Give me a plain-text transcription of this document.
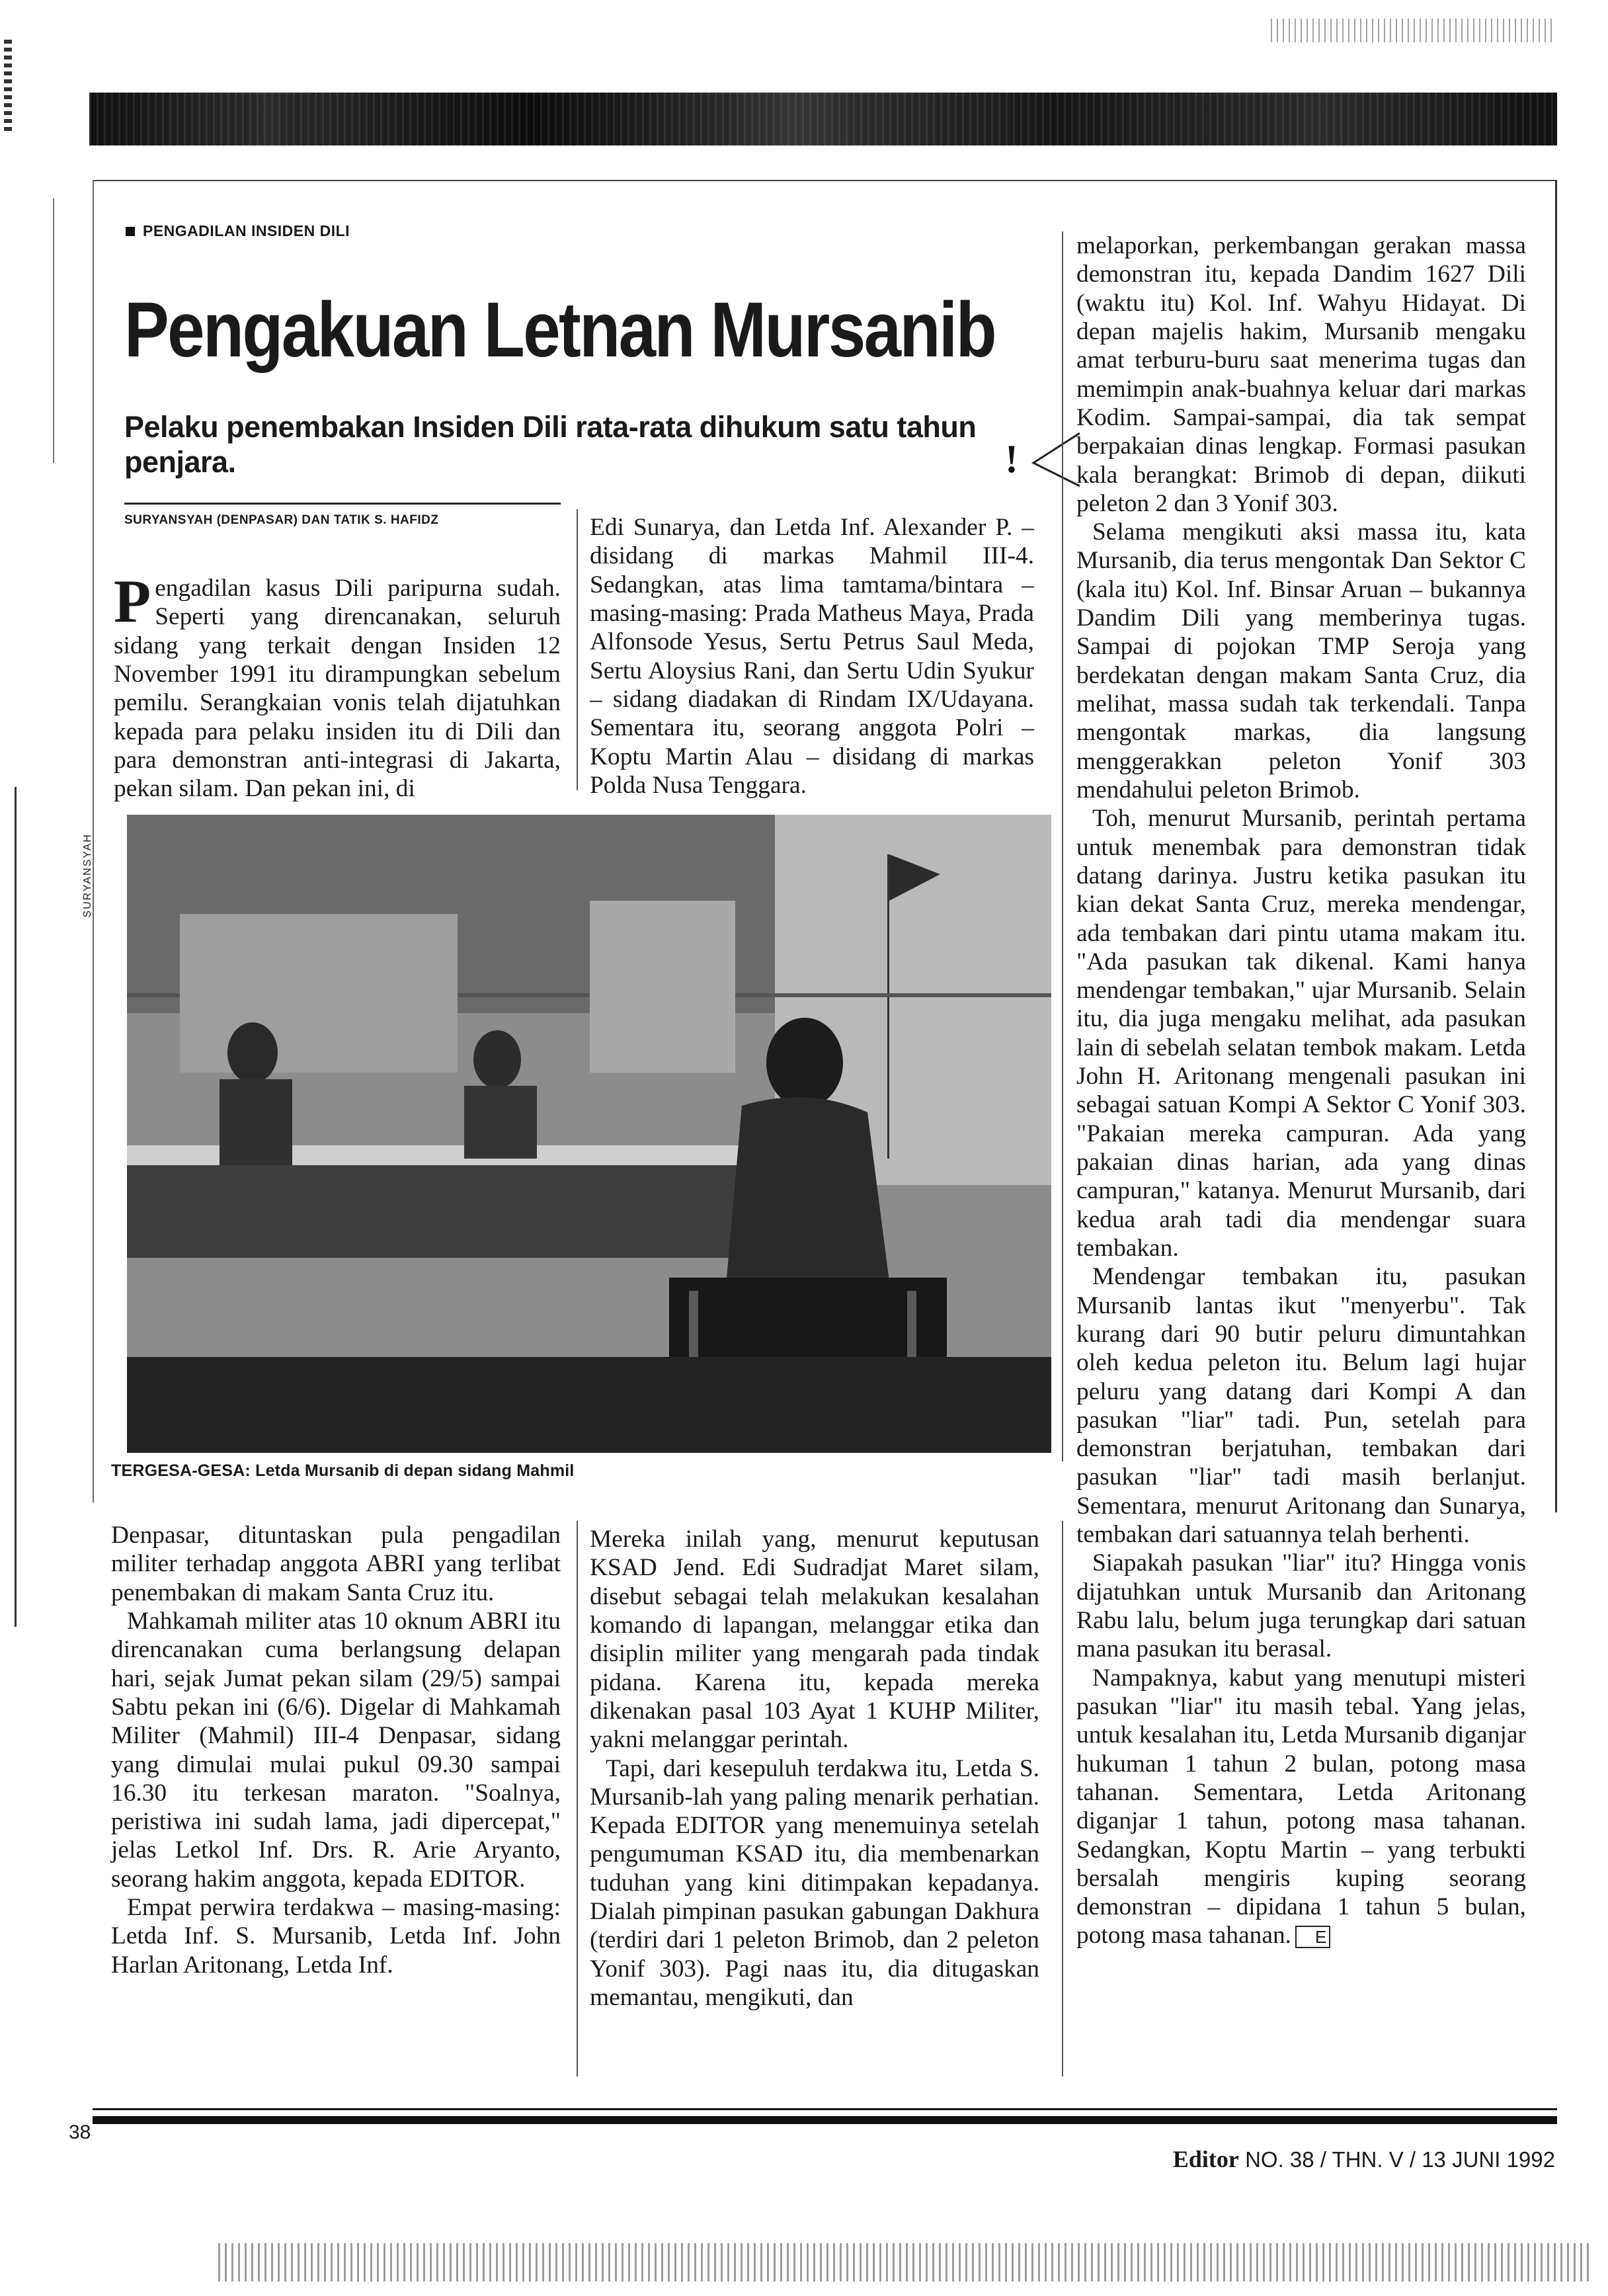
PENGADILAN INSIDEN DILI
Pengakuan Letnan Mursanib
Pelaku penembakan Insiden Dili rata-rata dihukum satu tahun penjara.	!
SURYANSYAH (DENPASAR) DAN TATIK S. HAFIDZ

Pengadilan kasus Dili paripurna sudah. Seperti yang direncanakan, seluruh sidang yang terkait dengan Insiden 12 November 1991 itu dirampungkan sebelum pemilu. Serangkaian vonis telah dijatuhkan kepada para pelaku insiden itu di Dili dan para demonstran anti-integrasi di Jakarta, pekan silam. Dan pekan ini, di

Edi Sunarya, dan Letda Inf. Alexander P. – disidang di markas Mahmil III-4. Sedangkan, atas lima tamtama/bintara – masing-masing: Prada Matheus Maya, Prada Alfonsode Yesus, Sertu Petrus Saul Meda, Sertu Aloysius Rani, dan Sertu Udin Syukur – sidang diadakan di Rindam IX/Udayana. Sementara itu, seorang anggota Polri – Koptu Martin Alau – disidang di markas Polda Nusa Tenggara.

melaporkan, perkembangan gerakan massa demonstran itu, kepada Dandim 1627 Dili (waktu itu) Kol. Inf. Wahyu Hidayat. Di depan majelis hakim, Mursanib mengaku amat terburu-buru saat menerima tugas dan memimpin anak-buahnya keluar dari markas Kodim. Sampai-sampai, dia tak sempat berpakaian dinas lengkap. Formasi pasukan kala berangkat: Brimob di depan, diikuti peleton 2 dan 3 Yonif 303.

Selama mengikuti aksi massa itu, kata Mursanib, dia terus mengontak Dan Sektor C (kala itu) Kol. Inf. Binsar Aruan – bukannya Dandim Dili yang memberinya tugas. Sampai di pojokan TMP Seroja yang berdekatan dengan makam Santa Cruz, dia melihat, massa sudah tak terkendali. Tanpa mengontak markas, dia langsung menggerakkan peleton Yonif 303 mendahului peleton Brimob.

Toh, menurut Mursanib, perintah pertama untuk menembak para demonstran tidak datang darinya. Justru ketika pasukan itu kian dekat Santa Cruz, mereka mendengar, ada tembakan dari pintu utama makam itu. "Ada pasukan tak dikenal. Kami hanya mendengar tembakan," ujar Mursanib. Selain itu, dia juga mengaku melihat, ada pasukan lain di sebelah selatan tembok makam. Letda John H. Aritonang mengenali pasukan ini sebagai satuan Kompi A Sektor C Yonif 303. "Pakaian mereka campuran. Ada yang pakaian dinas harian, ada yang dinas campuran," katanya. Menurut Mursanib, dari kedua arah tadi dia mendengar suara tembakan.

Mendengar tembakan itu, pasukan Mursanib lantas ikut "menyerbu". Tak kurang dari 90 butir peluru dimuntahkan oleh kedua peleton itu. Belum lagi hujar peluru yang datang dari Kompi A dan pasukan "liar" tadi. Pun, setelah para demonstran berjatuhan, tembakan dari pasukan "liar" tadi masih berlanjut. Sementara, menurut Aritonang dan Sunarya, tembakan dari satuannya telah berhenti.

Siapakah pasukan "liar" itu? Hingga vonis dijatuhkan untuk Mursanib dan Aritonang Rabu lalu, belum juga terungkap dari satuan mana pasukan itu berasal.

Nampaknya, kabut yang menutupi misteri pasukan "liar" itu masih tebal. Yang jelas, untuk kesalahan itu, Letda Mursanib diganjar hukuman 1 tahun 2 bulan, potong masa tahanan. Sementara, Letda Aritonang diganjar 1 tahun, potong masa tahanan. Sedangkan, Koptu Martin – yang terbukti bersalah mengiris kuping seorang demonstran – dipidana 1 tahun 5 bulan, potong masa tahanan. E

SURYANSYAH
TERGESA-GESA: Letda Mursanib di depan sidang Mahmil

Denpasar, dituntaskan pula pengadilan militer terhadap anggota ABRI yang terlibat penembakan di makam Santa Cruz itu.

Mahkamah militer atas 10 oknum ABRI itu direncanakan cuma berlangsung delapan hari, sejak Jumat pekan silam (29/5) sampai Sabtu pekan ini (6/6). Digelar di Mahkamah Militer (Mahmil) III-4 Denpasar, sidang yang dimulai mulai pukul 09.30 sampai 16.30 itu terkesan maraton. "Soalnya, peristiwa ini sudah lama, jadi dipercepat," jelas Letkol Inf. Drs. R. Arie Aryanto, seorang hakim anggota, kepada EDITOR.

Empat perwira terdakwa – masing-masing: Letda Inf. S. Mursanib, Letda Inf. John Harlan Aritonang, Letda Inf.

Mereka inilah yang, menurut keputusan KSAD Jend. Edi Sudradjat Maret silam, disebut sebagai telah melakukan kesalahan komando di lapangan, melanggar etika dan disiplin militer yang mengarah pada tindak pidana. Karena itu, kepada mereka dikenakan pasal 103 Ayat 1 KUHP Militer, yakni melanggar perintah.

Tapi, dari kesepuluh terdakwa itu, Letda S. Mursanib-lah yang paling menarik perhatian. Kepada EDITOR yang menemuinya setelah pengumuman KSAD itu, dia membenarkan tuduhan yang kini ditimpakan kepadanya. Dialah pimpinan pasukan gabungan Dakhura (terdiri dari 1 peleton Brimob, dan 2 peleton Yonif 303). Pagi naas itu, dia ditugaskan memantau, mengikuti, dan

38
Editor NO. 38 / THN. V / 13 JUNI 1992
